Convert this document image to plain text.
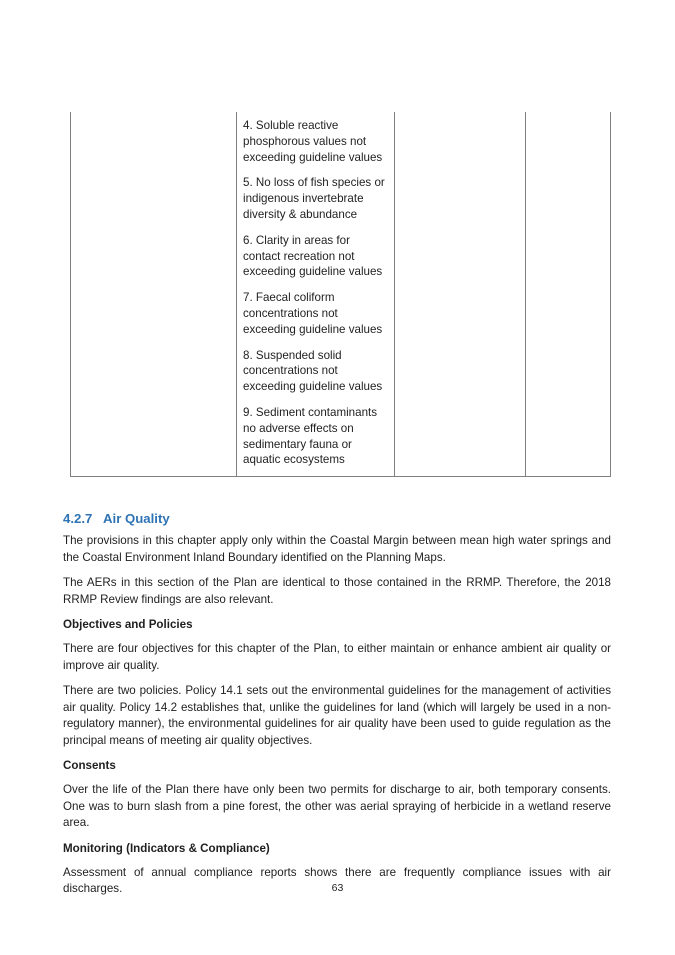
4. Soluble reactive phosphorous values not exceeding guideline values
5. No loss of fish species or indigenous invertebrate diversity & abundance
6. Clarity in areas for contact recreation not exceeding guideline values
7. Faecal coliform concentrations not exceeding guideline values
8. Suspended solid concentrations not exceeding guideline values
9. Sediment contaminants no adverse effects on sedimentary fauna or aquatic ecosystems

4.2.7 Air Quality

The provisions in this chapter apply only within the Coastal Margin between mean high water springs and the Coastal Environment Inland Boundary identified on the Planning Maps.

The AERs in this section of the Plan are identical to those contained in the RRMP. Therefore, the 2018 RRMP Review findings are also relevant.

Objectives and Policies

There are four objectives for this chapter of the Plan, to either maintain or enhance ambient air quality or improve air quality.

There are two policies. Policy 14.1 sets out the environmental guidelines for the management of activities air quality. Policy 14.2 establishes that, unlike the guidelines for land (which will largely be used in a non-regulatory manner), the environmental guidelines for air quality have been used to guide regulation as the principal means of meeting air quality objectives.

Consents

Over the life of the Plan there have only been two permits for discharge to air, both temporary consents. One was to burn slash from a pine forest, the other was aerial spraying of herbicide in a wetland reserve area.

Monitoring (Indicators & Compliance)

Assessment of annual compliance reports shows there are frequently compliance issues with air discharges.	63
